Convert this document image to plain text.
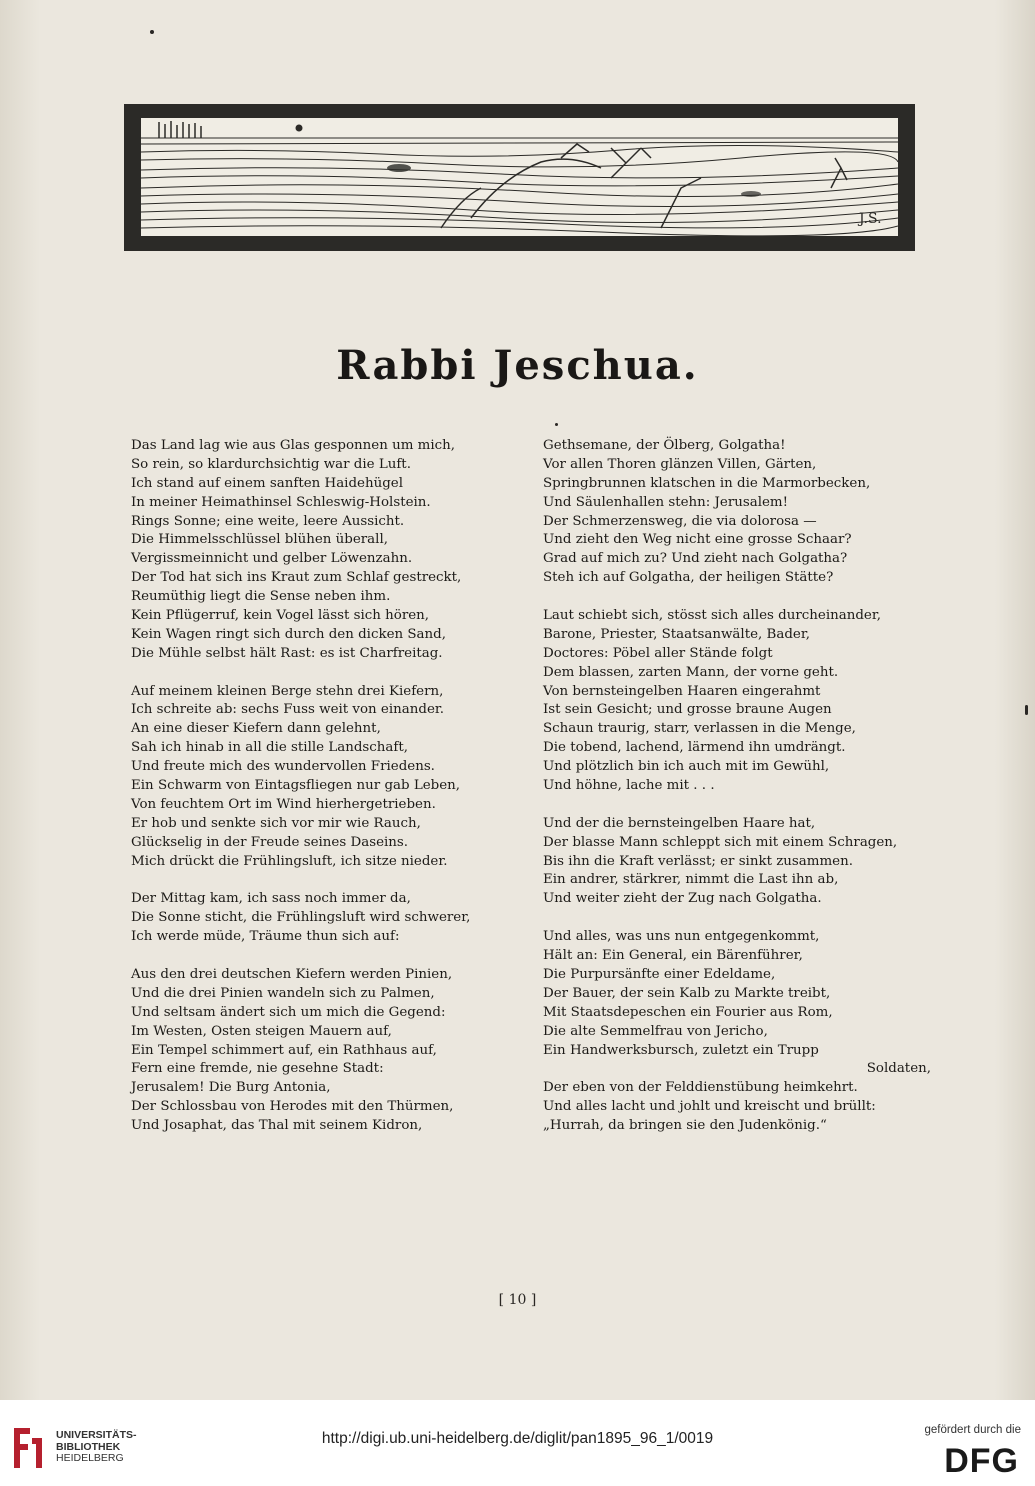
J.S.
Rabbi Jeschua.
Das Land lag wie aus Glas gesponnen um mich,
So rein, so klardurchsichtig war die Luft.
Ich stand auf einem sanften Haidehügel
In meiner Heimathinsel Schleswig-Holstein.
Rings Sonne; eine weite, leere Aussicht.
Die Himmelsschlüssel blühen überall,
Vergissmeinnicht und gelber Löwenzahn.
Der Tod hat sich ins Kraut zum Schlaf gestreckt,
Reumüthig liegt die Sense neben ihm.
Kein Pflügerruf, kein Vogel lässt sich hören,
Kein Wagen ringt sich durch den dicken Sand,
Die Mühle selbst hält Rast: es ist Charfreitag.
Auf meinem kleinen Berge stehn drei Kiefern,
Ich schreite ab: sechs Fuss weit von einander.
An eine dieser Kiefern dann gelehnt,
Sah ich hinab in all die stille Landschaft,
Und freute mich des wundervollen Friedens.
Ein Schwarm von Eintagsfliegen nur gab Leben,
Von feuchtem Ort im Wind hierhergetrieben.
Er hob und senkte sich vor mir wie Rauch,
Glückselig in der Freude seines Daseins.
Mich drückt die Frühlingsluft, ich sitze nieder.
Der Mittag kam, ich sass noch immer da,
Die Sonne sticht, die Frühlingsluft wird schwerer,
Ich werde müde, Träume thun sich auf:
Aus den drei deutschen Kiefern werden Pinien,
Und die drei Pinien wandeln sich zu Palmen,
Und seltsam ändert sich um mich die Gegend:
Im Westen, Osten steigen Mauern auf,
Ein Tempel schimmert auf, ein Rathhaus auf,
Fern eine fremde, nie gesehne Stadt:
Jerusalem! Die Burg Antonia,
Der Schlossbau von Herodes mit den Thürmen,
Und Josaphat, das Thal mit seinem Kidron,
Gethsemane, der Ölberg, Golgatha!
Vor allen Thoren glänzen Villen, Gärten,
Springbrunnen klatschen in die Marmorbecken,
Und Säulenhallen stehn: Jerusalem!
Der Schmerzensweg, die via dolorosa —
Und zieht den Weg nicht eine grosse Schaar?
Grad auf mich zu? Und zieht nach Golgatha?
Steh ich auf Golgatha, der heiligen Stätte?
Laut schiebt sich, stösst sich alles durcheinander,
Barone, Priester, Staatsanwälte, Bader,
Doctores: Pöbel aller Stände folgt
Dem blassen, zarten Mann, der vorne geht.
Von bernsteingelben Haaren eingerahmt
Ist sein Gesicht; und grosse braune Augen
Schaun traurig, starr, verlassen in die Menge,
Die tobend, lachend, lärmend ihn umdrängt.
Und plötzlich bin ich auch mit im Gewühl,
Und höhne, lache mit . . .
Und der die bernsteingelben Haare hat,
Der blasse Mann schleppt sich mit einem Schragen,
Bis ihn die Kraft verlässt; er sinkt zusammen.
Ein andrer, stärkrer, nimmt die Last ihn ab,
Und weiter zieht der Zug nach Golgatha.
Und alles, was uns nun entgegenkommt,
Hält an: Ein General, ein Bärenführer,
Die Purpursänfte einer Edeldame,
Der Bauer, der sein Kalb zu Markte treibt,
Mit Staatsdepeschen ein Fourier aus Rom,
Die alte Semmelfrau von Jericho,
Ein Handwerksbursch, zuletzt ein Trupp
Soldaten,
Der eben von der Felddienstübung heimkehrt.
Und alles lacht und johlt und kreischt und brüllt:
„Hurrah, da bringen sie den Judenkönig.“
[ 10 ]
UNIVERSITÄTS-
BIBLIOTHEK
HEIDELBERG
http://digi.ub.uni-heidelberg.de/diglit/pan1895_96_1/0019	gefördert durch die
DFG
